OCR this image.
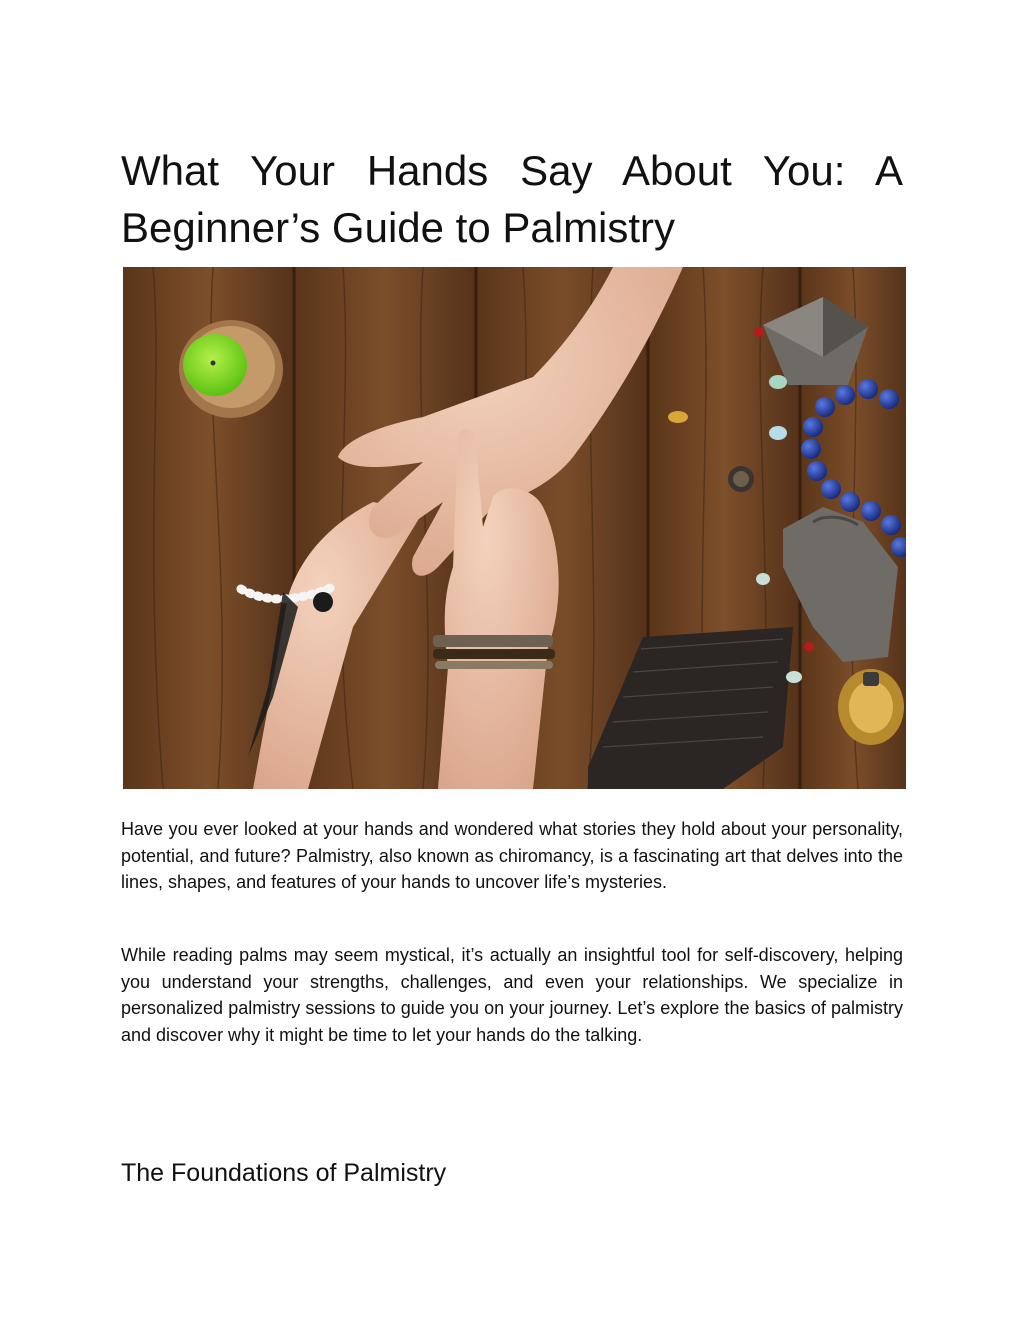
What Your Hands Say About You: A Beginner’s Guide to Palmistry

Have you ever looked at your hands and wondered what stories they hold about your personality, potential, and future? Palmistry, also known as chiromancy, is a fascinating art that delves into the lines, shapes, and features of your hands to uncover life’s mysteries.

While reading palms may seem mystical, it’s actually an insightful tool for self-discovery, helping you understand your strengths, challenges, and even your relationships. We specialize in personalized palmistry sessions to guide you on your journey. Let’s explore the basics of palmistry and discover why it might be time to let your hands do the talking.

The Foundations of Palmistry
